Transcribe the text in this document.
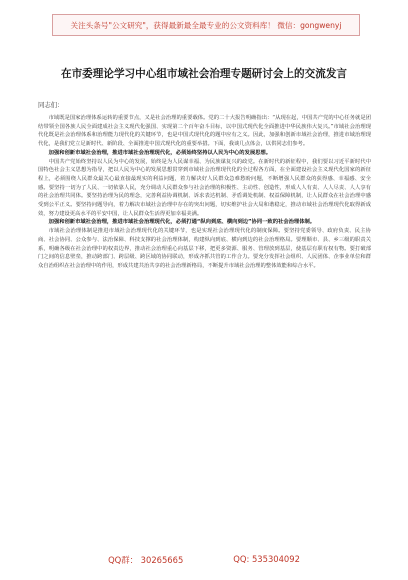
关注头条号"公文研究"，获得最新最全最专业的公文资料库！ 微信：gongwenyj
在市委理论学习中心组市域社会治理专题研讨会上的交流发言
同志们：

市域既是国家治理体系运转的重要节点，又是社会治理的重要载体。党的二十大报告明确指出：“从现在起，中国共产党的中心任务就是团结带领全国各族人民全面建成社会主义现代化强国、实现第二个百年奋斗目标，以中国式现代化全面推进中华民族伟大复兴。”市域社会治理现代化既是社会治理体系和治理能力现代化的关键环节，也是中国式现代化的题中应有之义。因此，加强和创新市域社会治理，推进市域治理现代化，是我们党立足新时代、新阶段、全面推进中国式现代化的重要举措。下面，我谈几点体会，以供同志们参考。

加强和创新市域社会治理，推进市域社会治理现代化，必须始终坚持以人民为中心的发展思想。

中国共产党始终坚持以人民为中心的发展，始终是为人民谋幸福、为民族谋复兴的政党。在新时代的新征程中，我们要以习近平新时代中国特色社会主义思想为指导，把以人民为中心的发展思想贯穿到市域社会治理现代化的全过程各方面，在全面建设社会主义现代化国家的新征程上，必须围绕人民群众最关心最直接最现实的利益问题，着力解决好人民群众急难愁盼问题，不断增强人民群众的获得感、幸福感、安全感。要坚持一切为了人民、一切依靠人民，充分调动人民群众参与社会治理的积极性、主动性、创造性，形成人人有责、人人尽责、人人享有的社会治理共同体。要坚持治理为民的理念，完善利益协调机制、诉求表达机制、矛盾调处机制、权益保障机制，让人民群众在社会治理中感受到公平正义。要坚持问题导向，着力解决市域社会治理中存在的突出问题，切实维护社会大局和谐稳定，推动市域社会治理现代化取得新成效，努力建设更高水平的平安中国，让人民群众生活得更加幸福美满。

加强和创新市域社会治理，推进市域社会治理现代化，必须打通“纵向到底、横向到边”协同一致的社会治理体制。

市域社会治理体制是推进市域社会治理现代化的关键环节，也是实现社会治理现代化的制度保障。要坚持党委领导、政府负责、民主协商、社会协同、公众参与、法治保障、科技支撑的社会治理体制，构建纵向到底、横向到边的社会治理格局。要理顺市、县、乡三级的职责关系，明确各级在社会治理中的权责边界，推动社会治理重心向基层下移，把更多资源、服务、管理放到基层，使基层有职有权有物。要打破部门之间的信息壁垒，推动跨部门、跨层级、跨区域的协同联动，形成齐抓共管的工作合力。要充分发挥社会组织、人民团体、企事业单位和群众自治组织在社会治理中的作用，形成共建共治共享的社会治理新格局，不断提升市域社会治理的整体效能和综合水平。

QQ群： 30265665	QQ: 535304092
